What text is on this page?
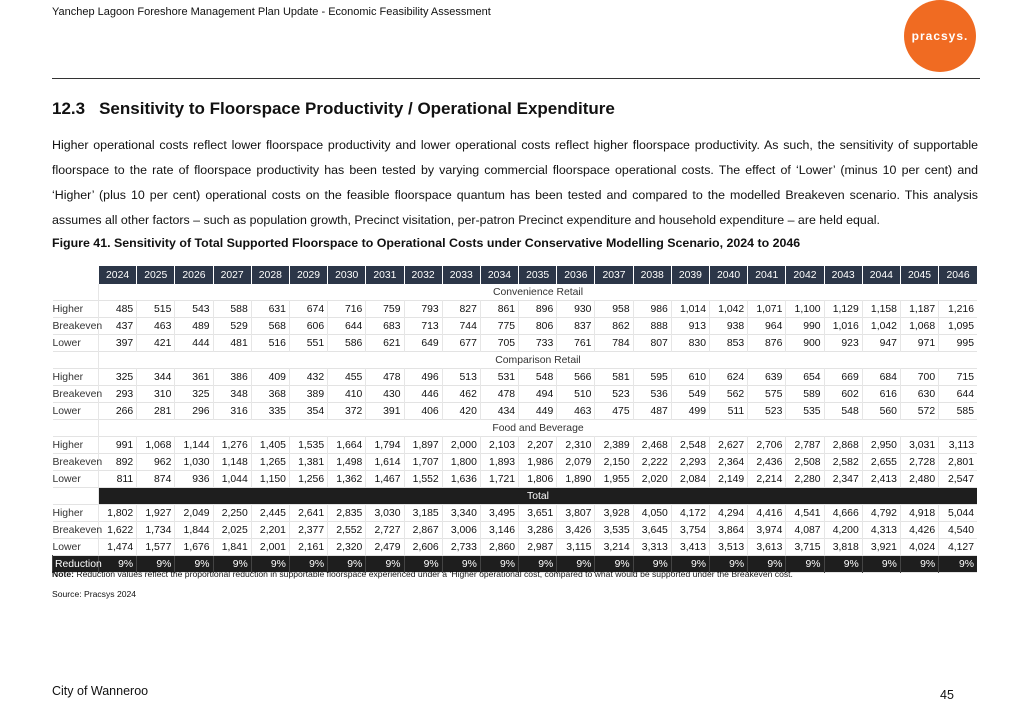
Yanchep Lagoon Foreshore Management Plan Update - Economic Feasibility Assessment
pracsys.
12.3 Sensitivity to Floorspace Productivity / Operational Expenditure

Higher operational costs reflect lower floorspace productivity and lower operational costs reflect higher floorspace productivity. As such, the sensitivity of supportable floorspace to the rate of floorspace productivity has been tested by varying commercial floorspace operational costs. The effect of ‘Lower’ (minus 10 per cent) and ‘Higher’ (plus 10 per cent) operational costs on the feasible floorspace quantum has been tested and compared to the modelled Breakeven scenario. This analysis assumes all other factors – such as population growth, Precinct visitation, per-patron Precinct expenditure and household expenditure – are held equal.

Figure 41. Sensitivity of Total Supported Floorspace to Operational Costs under Conservative Modelling Scenario, 2024 to 2046

	2024	2025	2026	2027	2028	2029	2030	2031	2032	2033	2034	2035	2036	2037	2038	2039	2040	2041	2042	2043	2044	2045	2046
	Convenience Retail																						
Higher	485	515	543	588	631	674	716	759	793	827	861	896	930	958	986	1,014	1,042	1,071	1,100	1,129	1,158	1,187	1,216
Breakeven	437	463	489	529	568	606	644	683	713	744	775	806	837	862	888	913	938	964	990	1,016	1,042	1,068	1,095
Lower	397	421	444	481	516	551	586	621	649	677	705	733	761	784	807	830	853	876	900	923	947	971	995
	Comparison Retail																						
Higher	325	344	361	386	409	432	455	478	496	513	531	548	566	581	595	610	624	639	654	669	684	700	715
Breakeven	293	310	325	348	368	389	410	430	446	462	478	494	510	523	536	549	562	575	589	602	616	630	644
Lower	266	281	296	316	335	354	372	391	406	420	434	449	463	475	487	499	511	523	535	548	560	572	585
	Food and Beverage																						
Higher	991	1,068	1,144	1,276	1,405	1,535	1,664	1,794	1,897	2,000	2,103	2,207	2,310	2,389	2,468	2,548	2,627	2,706	2,787	2,868	2,950	3,031	3,113
Breakeven	892	962	1,030	1,148	1,265	1,381	1,498	1,614	1,707	1,800	1,893	1,986	2,079	2,150	2,222	2,293	2,364	2,436	2,508	2,582	2,655	2,728	2,801
Lower	811	874	936	1,044	1,150	1,256	1,362	1,467	1,552	1,636	1,721	1,806	1,890	1,955	2,020	2,084	2,149	2,214	2,280	2,347	2,413	2,480	2,547
	Total																						
Higher	1,802	1,927	2,049	2,250	2,445	2,641	2,835	3,030	3,185	3,340	3,495	3,651	3,807	3,928	4,050	4,172	4,294	4,416	4,541	4,666	4,792	4,918	5,044
Breakeven	1,622	1,734	1,844	2,025	2,201	2,377	2,552	2,727	2,867	3,006	3,146	3,286	3,426	3,535	3,645	3,754	3,864	3,974	4,087	4,200	4,313	4,426	4,540
Lower	1,474	1,577	1,676	1,841	2,001	2,161	2,320	2,479	2,606	2,733	2,860	2,987	3,115	3,214	3,313	3,413	3,513	3,613	3,715	3,818	3,921	4,024	4,127
Reduction	9%	9%	9%	9%	9%	9%	9%	9%	9%	9%	9%	9%	9%	9%	9%	9%	9%	9%	9%	9%	9%	9%	9%

Note: Reduction values reflect the proportional reduction in supportable floorspace experienced under a ‘Higher operational cost, compared to what would be supported under the Breakeven cost.

Source: Pracsys 2024

City of Wanneroo	45
